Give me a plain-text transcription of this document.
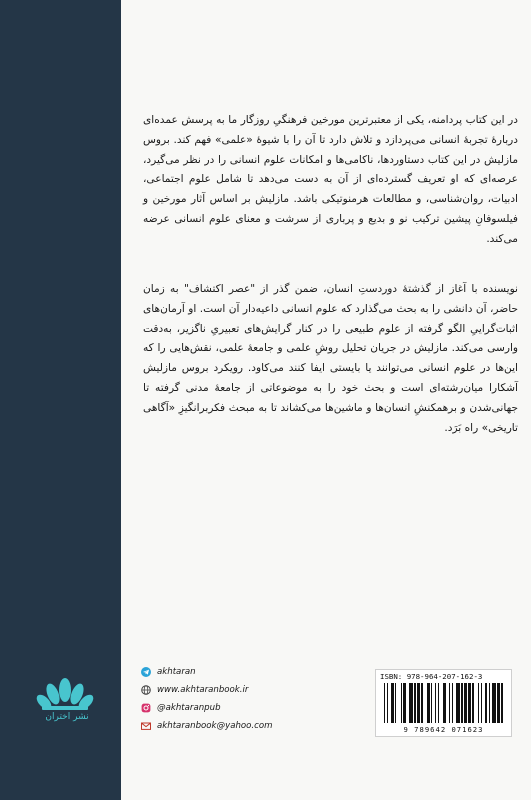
در این کتاب پردامنه، یکی از معتبرترین مورخین فرهنگیِ روزگار ما به پرسش عمده‌ای دربارهٔ تجربهٔ انسانی می‌پردازد و تلاش دارد تا آن را با شیوهٔ «علمی» فهم کند. بروس مازلیش در این کتاب دستاوردها، ناکامی‌ها و امکانات علوم انسانی را در نظر می‌گیرد، عرصه‌ای که او تعریف گسترده‌ای از آن به دست می‌دهد تا شامل علوم اجتماعی، ادبیات، روان‌شناسی، و مطالعات هرمنوتیکی باشد. مازلیش بر اساس آثار مورخین و فیلسوفانِ پیشین ترکیب نو و بدیع و پرباری از سرشت و معنای علوم انسانی عرضه می‌کند.

نویسنده با آغاز از گذشتهٔ دوردستِ انسان، ضمن گذر از "عصر اکتشاف" به زمان حاضر، آن دانشی را به بحث می‌گذارد که علوم انسانی داعیه‌دار آن است. او آرمان‌های اثبات‌گراییِ الگو گرفته از علوم طبیعی را در کنار گرایش‌های تعبیریِ ناگزیر، به‌دقت وارسی می‌کند. مازلیش در جریان تحلیل روشِ علمی و جامعهٔ علمی، نقش‌هایی را که این‌ها در علوم انسانی می‌توانند یا بایستی ایفا کنند می‌کاود. رویکرد بروس مازلیش آشکارا میان‌رشته‌ای است و بحث خود را به موضوعاتی از جامعهٔ مدنی گرفته تا جهانی‌شدن و برهمکنشِ انسان‌ها و ماشین‌ها می‌کشاند تا به مبحث فکربرانگیزِ «آگاهی تاریخی» راه بَرَد.

نشر اختران
akhtaran
www.akhtaranbook.ir
@akhtaranpub
akhtaranbook@yahoo.com
ISBN: 978-964-207-162-3
9 789642 071623
